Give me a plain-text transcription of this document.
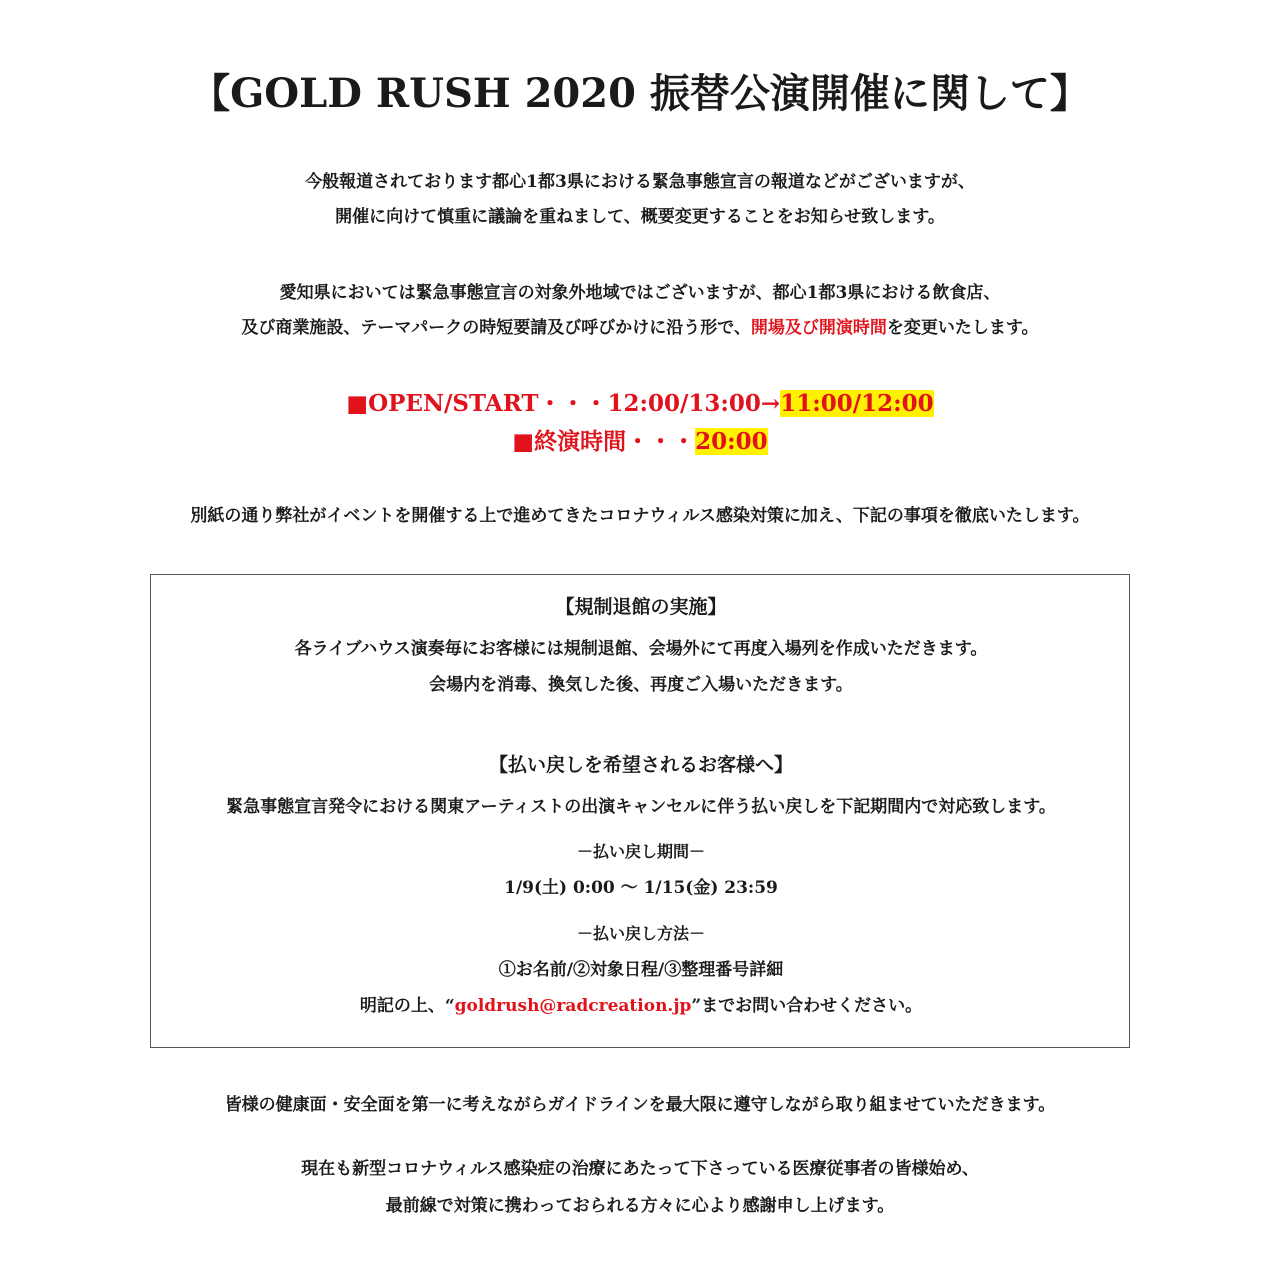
【GOLD RUSH 2020 振替公演開催に関して】
今般報道されております都心1都3県における緊急事態宣言の報道などがございますが、
開催に向けて慎重に議論を重ねまして、概要変更することをお知らせ致します。
愛知県においては緊急事態宣言の対象外地域ではございますが、都心1都3県における飲食店、
及び商業施設、テーマパークの時短要請及び呼びかけに沿う形で、開場及び開演時間を変更いたします。
■OPEN/START・・・12:00/13:00→11:00/12:00
■終演時間・・・20:00
別紙の通り弊社がイベントを開催する上で進めてきたコロナウィルス感染対策に加え、下記の事項を徹底いたします。
【規制退館の実施】
各ライブハウス演奏毎にお客様には規制退館、会場外にて再度入場列を作成いただきます。
会場内を消毒、換気した後、再度ご入場いただきます。
【払い戻しを希望されるお客様へ】
緊急事態宣言発令における関東アーティストの出演キャンセルに伴う払い戻しを下記期間内で対応致します。
－払い戻し期間－
1/9(土) 0:00 ～ 1/15(金) 23:59
－払い戻し方法－
①お名前/②対象日程/③整理番号詳細
明記の上、“goldrush@radcreation.jp”までお問い合わせください。
皆様の健康面・安全面を第一に考えながらガイドラインを最大限に遵守しながら取り組ませていただきます。
現在も新型コロナウィルス感染症の治療にあたって下さっている医療従事者の皆様始め、
最前線で対策に携わっておられる方々に心より感謝申し上げます。
